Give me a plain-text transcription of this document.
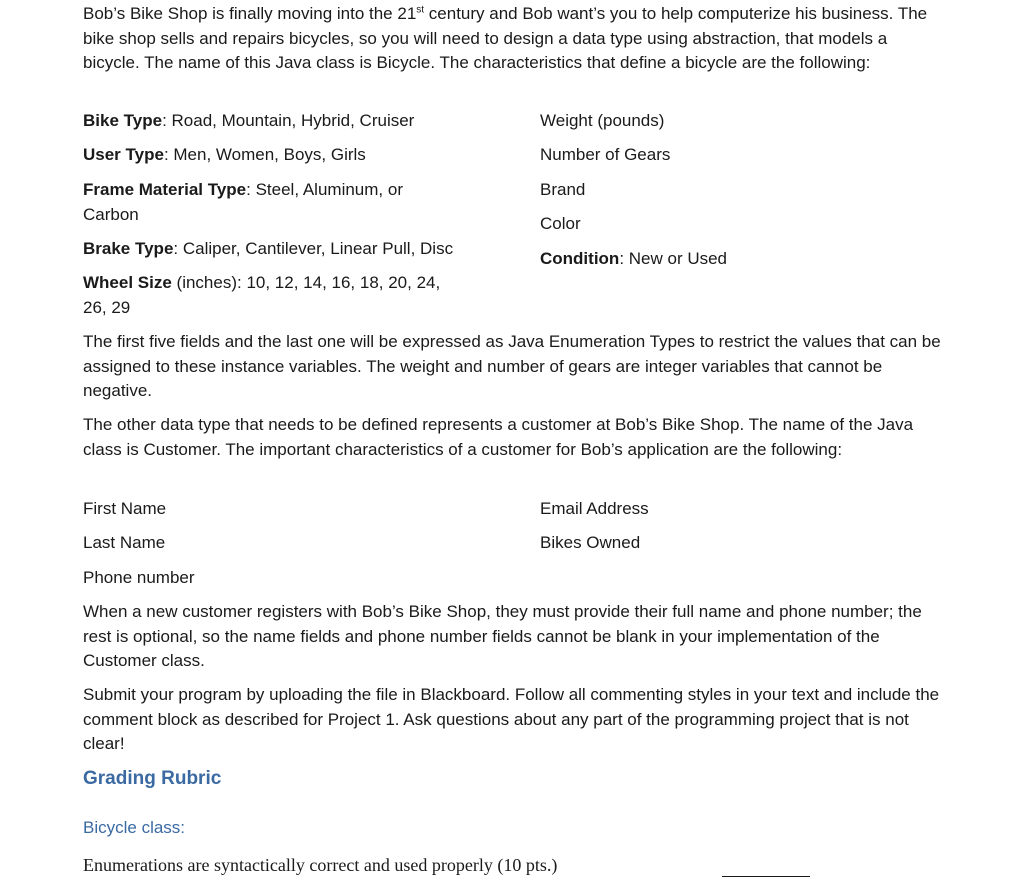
Bob’s Bike Shop is finally moving into the 21st century and Bob want’s you to help computerize his business. The bike shop sells and repairs bicycles, so you will need to design a data type using abstraction, that models a bicycle. The name of this Java class is Bicycle. The characteristics that define a bicycle are the following:

Bike Type: Road, Mountain, Hybrid, Cruiser
User Type: Men, Women, Boys, Girls
Frame Material Type: Steel, Aluminum, or
Carbon
Brake Type: Caliper, Cantilever, Linear Pull, Disc
Wheel Size (inches): 10, 12, 14, 16, 18, 20, 24,
26, 29
Weight (pounds)
Number of Gears
Brand
Color
Condition: New or Used

The first five fields and the last one will be expressed as Java Enumeration Types to restrict the values that can be assigned to these instance variables. The weight and number of gears are integer variables that cannot be negative.

The other data type that needs to be defined represents a customer at Bob’s Bike Shop. The name of the Java class is Customer. The important characteristics of a customer for Bob’s application are the following:

First Name
Last Name
Phone number
Email Address
Bikes Owned

When a new customer registers with Bob’s Bike Shop, they must provide their full name and phone number; the rest is optional, so the name fields and phone number fields cannot be blank in your implementation of the Customer class.

Submit your program by uploading the file in Blackboard. Follow all commenting styles in your text and include the comment block as described for Project 1. Ask questions about any part of the programming project that is not clear!

Grading Rubric
Bicycle class:
Enumerations are syntactically correct and used properly (10 pts.)
